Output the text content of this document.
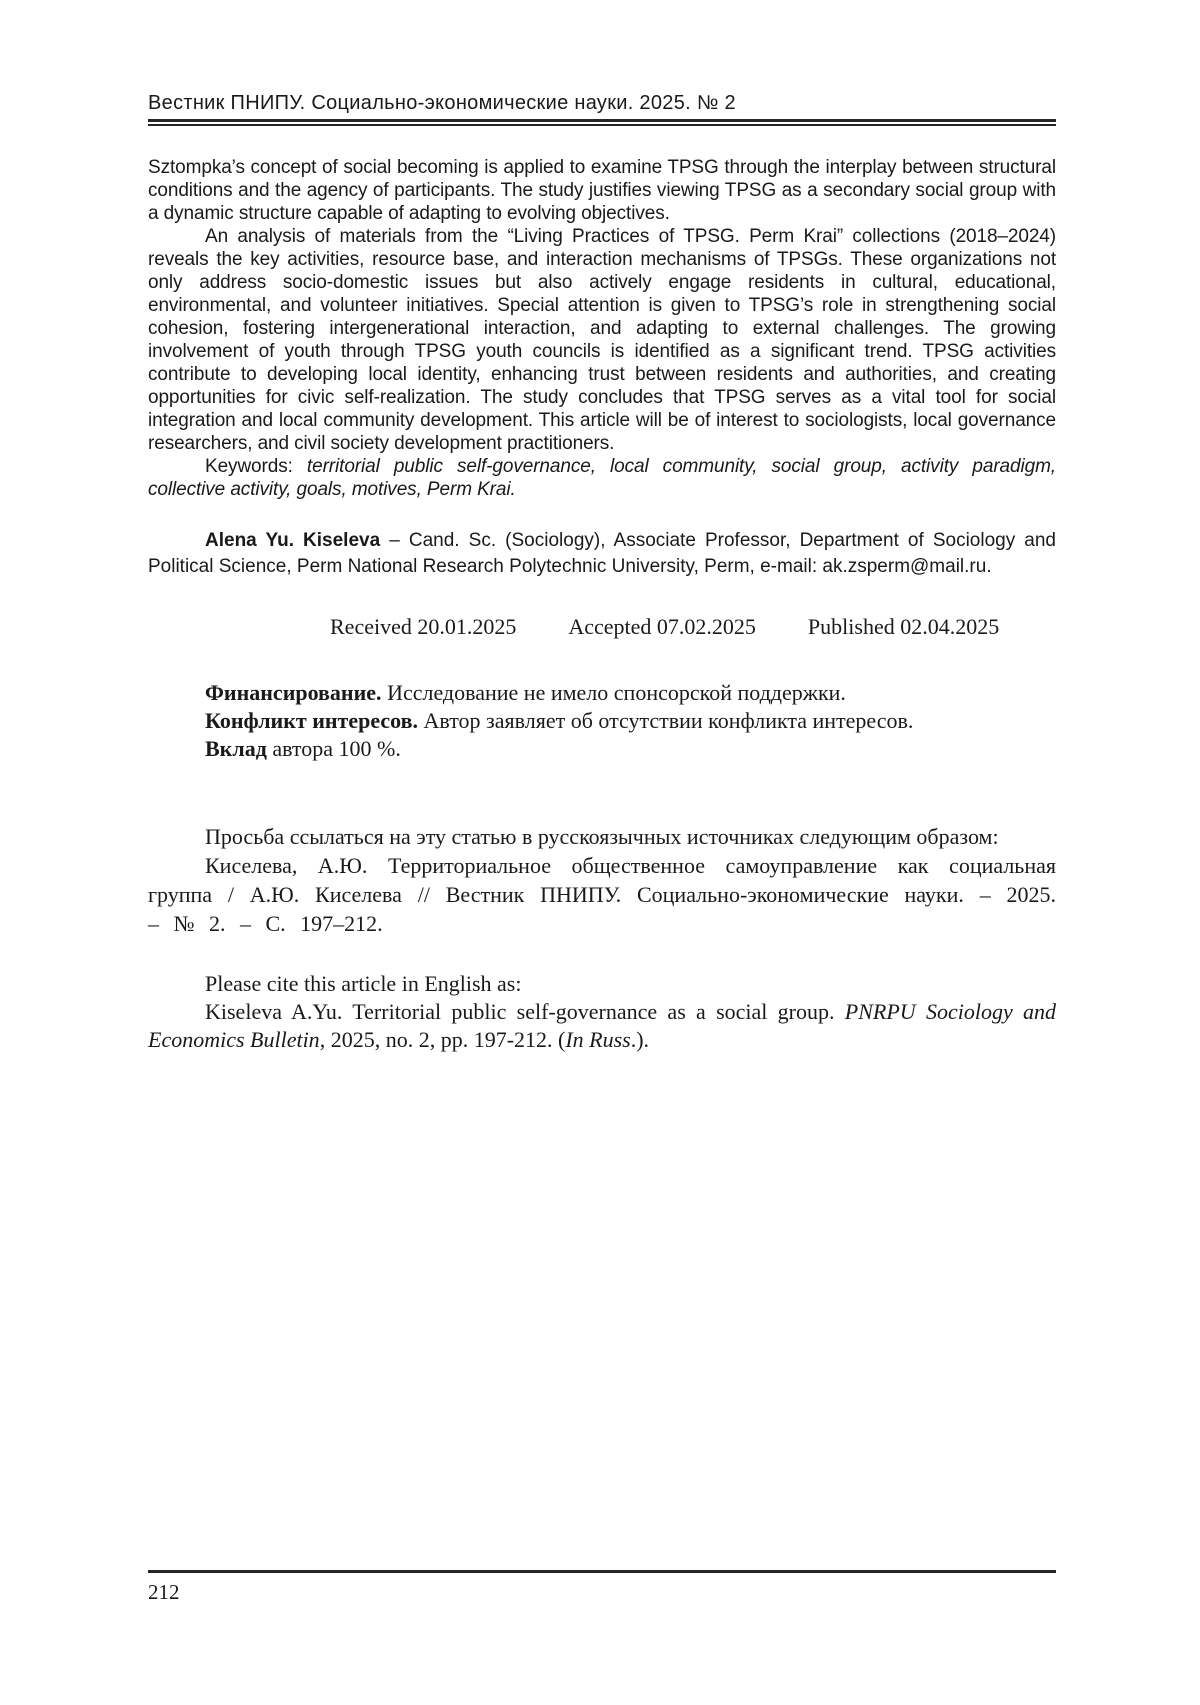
Вестник ПНИПУ. Социально-экономические науки. 2025. № 2

Sztompka’s concept of social becoming is applied to examine TPSG through the interplay between structural conditions and the agency of participants. The study justifies viewing TPSG as a secondary social group with a dynamic structure capable of adapting to evolving objectives.

An analysis of materials from the “Living Practices of TPSG. Perm Krai” collections (2018–2024) reveals the key activities, resource base, and interaction mechanisms of TPSGs. These organizations not only address socio-domestic issues but also actively engage residents in cultural, educational, environmental, and volunteer initiatives. Special attention is given to TPSG’s role in strengthening social cohesion, fostering intergenerational interaction, and adapting to external challenges. The growing involvement of youth through TPSG youth councils is identified as a significant trend. TPSG activities contribute to developing local identity, enhancing trust between residents and authorities, and creating opportunities for civic self-realization. The study concludes that TPSG serves as a vital tool for social integration and local community development. This article will be of interest to sociologists, local governance researchers, and civil society development practitioners.

Keywords: territorial public self-governance, local community, social group, activity paradigm, collective activity, goals, motives, Perm Krai.

Alena Yu. Kiseleva – Cand. Sc. (Sociology), Associate Professor, Department of Sociology and Political Science, Perm National Research Polytechnic University, Perm, e-mail: ak.zsperm@mail.ru.

Received 20.01.2025 Accepted 07.02.2025 Published 02.04.2025

Финансирование. Исследование не имело спонсорской поддержки.

Конфликт интересов. Автор заявляет об отсутствии конфликта интересов.

Вклад автора 100 %.

Просьба ссылаться на эту статью в русскоязычных источниках следующим образом:

Киселева, А.Ю. Территориальное общественное самоуправление как социальная группа / А.Ю. Киселева // Вестник ПНИПУ. Социально-экономические науки. – 2025. – № 2. – С. 197–212.

Please cite this article in English as:

Kiseleva A.Yu. Territorial public self-governance as a social group. PNRPU Sociology and Economics Bulletin, 2025, no. 2, pp. 197-212. (In Russ.).

212
